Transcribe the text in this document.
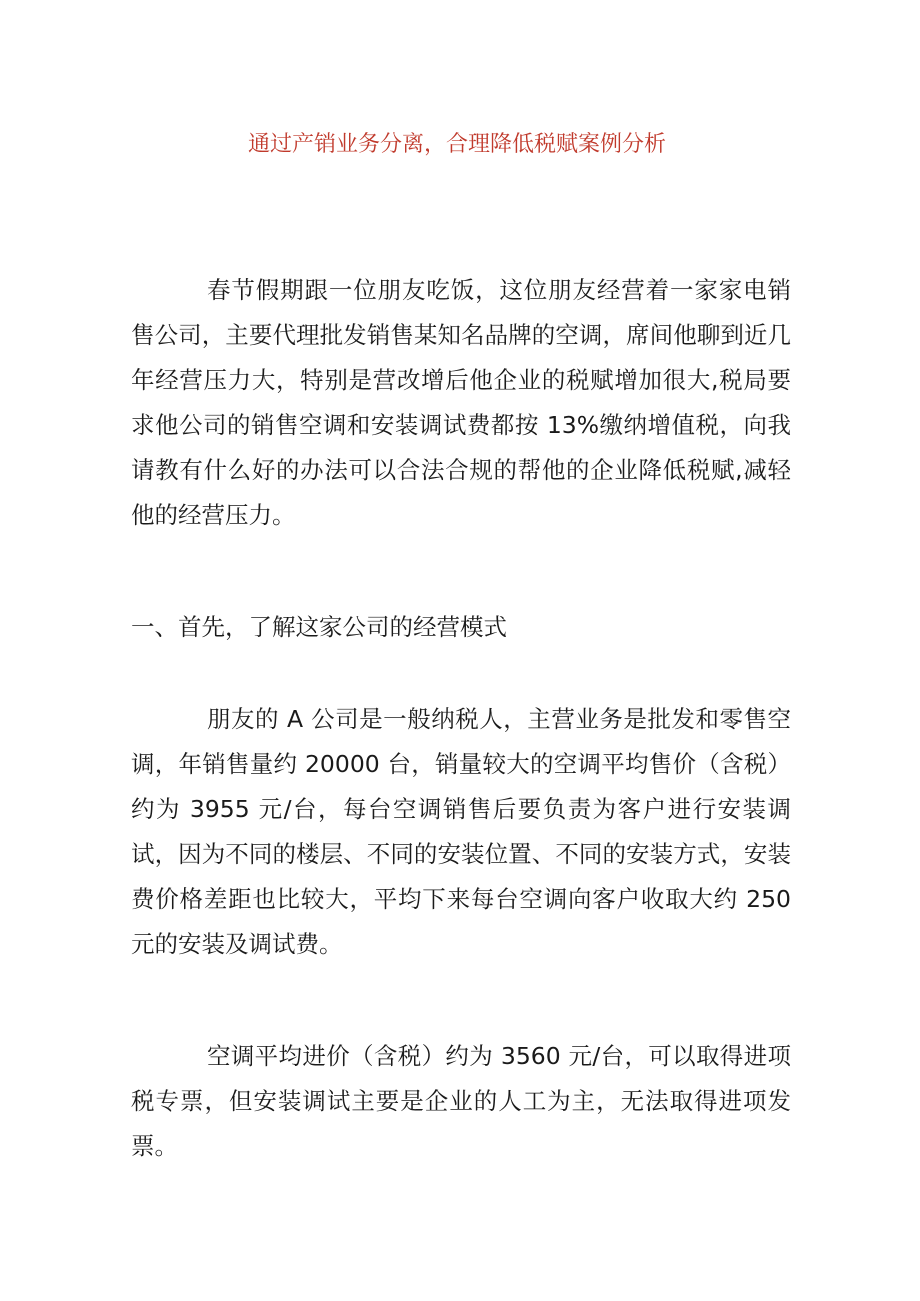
通过产销业务分离，合理降低税赋案例分析

春节假期跟一位朋友吃饭，这位朋友经营着一家家电销售公司，主要代理批发销售某知名品牌的空调，席间他聊到近几年经营压力大，特别是营改增后他企业的税赋增加很大,税局要求他公司的销售空调和安装调试费都按 13%缴纳增值税，向我请教有什么好的办法可以合法合规的帮他的企业降低税赋,减轻他的经营压力。

一、首先，了解这家公司的经营模式

朋友的 A 公司是一般纳税人，主营业务是批发和零售空调，年销售量约 20000 台，销量较大的空调平均售价（含税）约为 3955 元/台，每台空调销售后要负责为客户进行安装调试，因为不同的楼层、不同的安装位置、不同的安装方式，安装费价格差距也比较大，平均下来每台空调向客户收取大约 250 元的安装及调试费。

空调平均进价（含税）约为 3560 元/台，可以取得进项税专票，但安装调试主要是企业的人工为主，无法取得进项发票。
